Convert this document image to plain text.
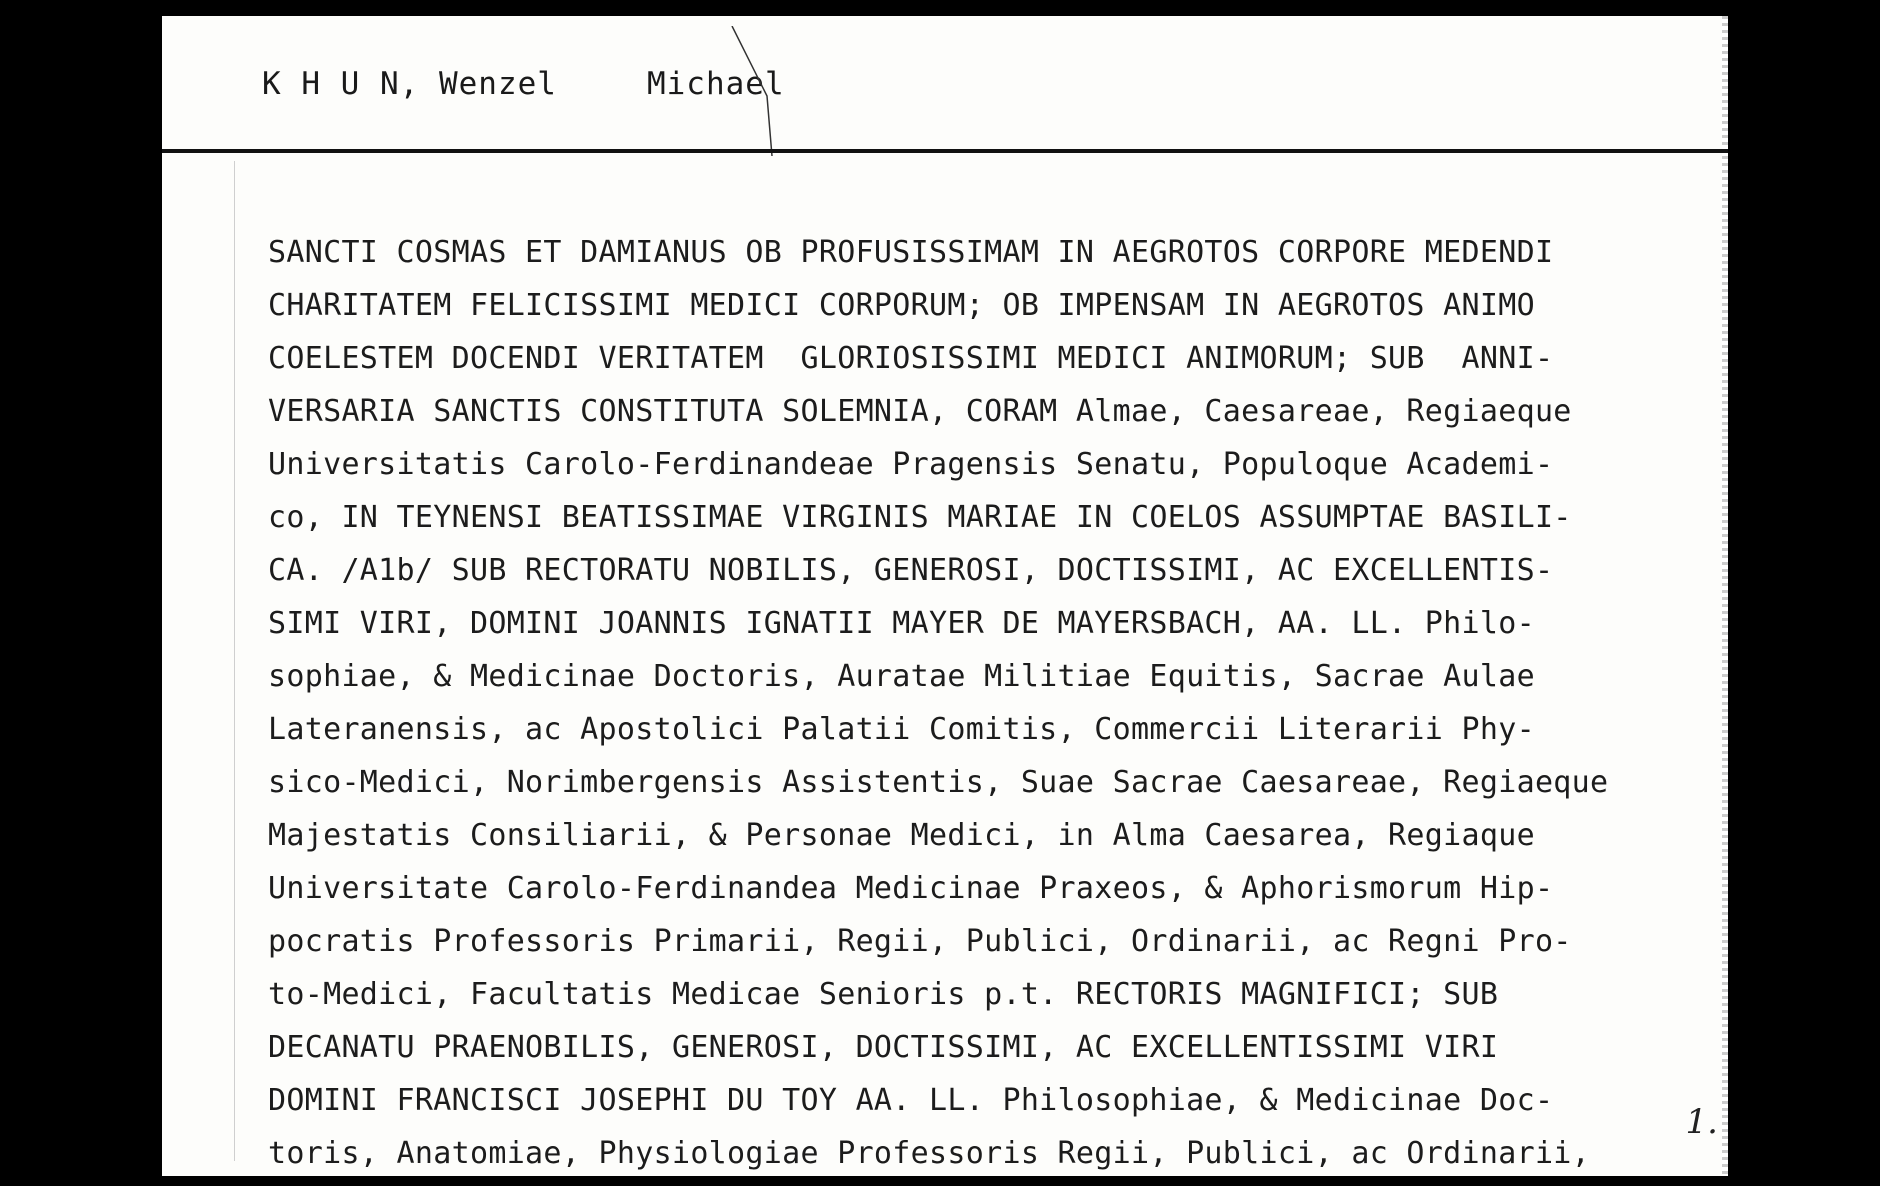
K H U N, Wenzel	Michael
SANCTI COSMAS ET DAMIANUS OB PROFUSISSIMAM IN AEGROTOS CORPORE MEDENDI
CHARITATEM FELICISSIMI MEDICI CORPORUM; OB IMPENSAM IN AEGROTOS ANIMO
COELESTEM DOCENDI VERITATEM  GLORIOSISSIMI MEDICI ANIMORUM; SUB  ANNI-
VERSARIA SANCTIS CONSTITUTA SOLEMNIA, CORAM Almae, Caesareae, Regiaeque
Universitatis Carolo-Ferdinandeae Pragensis Senatu, Populoque Academi-
co, IN TEYNENSI BEATISSIMAE VIRGINIS MARIAE IN COELOS ASSUMPTAE BASILI-
CA. /A1b/ SUB RECTORATU NOBILIS, GENEROSI, DOCTISSIMI, AC EXCELLENTIS-
SIMI VIRI, DOMINI JOANNIS IGNATII MAYER DE MAYERSBACH, AA. LL. Philo-
sophiae, & Medicinae Doctoris, Auratae Militiae Equitis, Sacrae Aulae
Lateranensis, ac Apostolici Palatii Comitis, Commercii Literarii Phy-
sico-Medici, Norimbergensis Assistentis, Suae Sacrae Caesareae, Regiaeque
Majestatis Consiliarii, & Personae Medici, in Alma Caesarea, Regiaque
Universitate Carolo-Ferdinandea Medicinae Praxeos, & Aphorismorum Hip-
pocratis Professoris Primarii, Regii, Publici, Ordinarii, ac Regni Pro-
to-Medici, Facultatis Medicae Senioris p.t. RECTORIS MAGNIFICI; SUB
DECANATU PRAENOBILIS, GENEROSI, DOCTISSIMI, AC EXCELLENTISSIMI VIRI
DOMINI FRANCISCI JOSEPHI DU TOY AA. LL. Philosophiae, & Medicinae Doc-
toris, Anatomiae, Physiologiae Professoris Regii, Publici, ac Ordinarii,
1.
